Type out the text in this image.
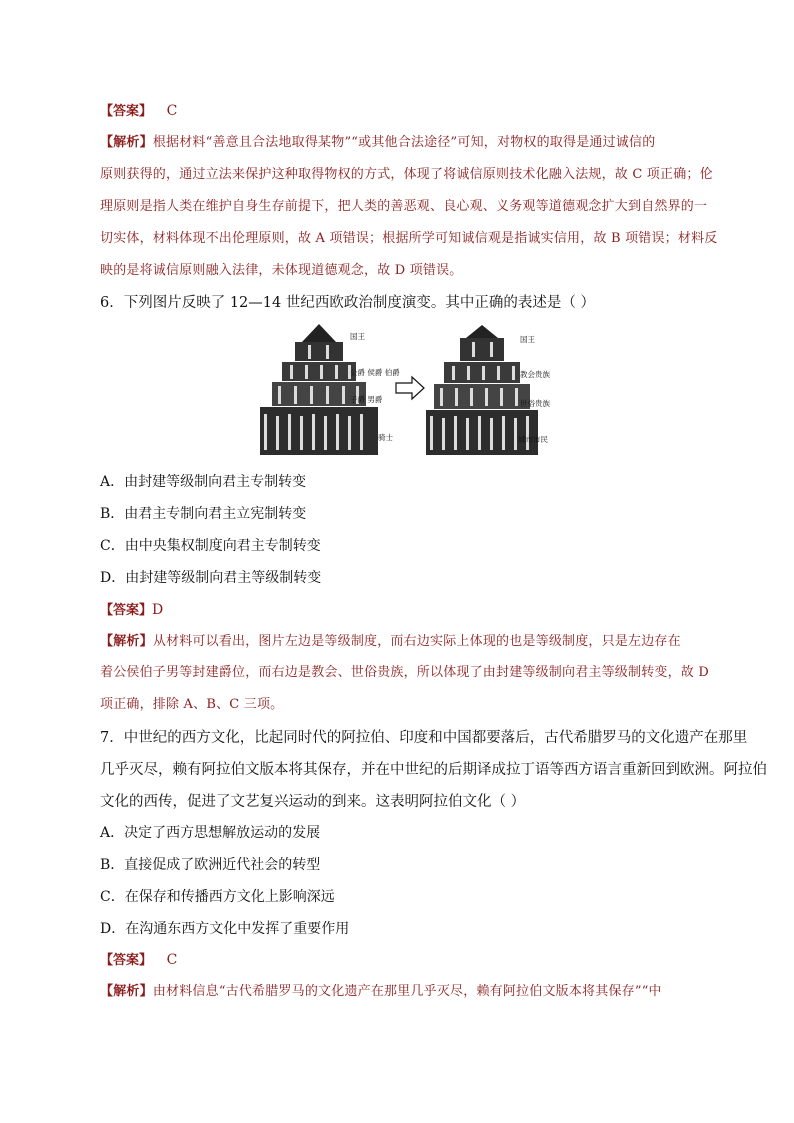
【答案】 C
【解析】根据材料“善意且合法地取得某物”“或其他合法途径”可知，对物权的取得是通过诚信的
原则获得的，通过立法来保护这种取得物权的方式，体现了将诚信原则技术化融入法规，故 C 项正确；伦
理原则是指人类在维护自身生存前提下，把人类的善恶观、良心观、义务观等道德观念扩大到自然界的一
切实体，材料体现不出伦理原则，故 A 项错误；根据所学可知诚信观是指诚实信用，故 B 项错误；材料反
映的是将诚信原则融入法律，未体现道德观念，故 D 项错误。
6．下列图片反映了 12—14 世纪西欧政治制度演变。其中正确的表述是（ ）
国王
公爵 侯爵 伯爵
子爵 男爵
骑士
国王
教会贵族
世俗贵族
城市市民
A．由封建等级制向君主专制转变
B．由君主专制向君主立宪制转变
C．由中央集权制度向君主专制转变
D．由封建等级制向君主等级制转变
【答案】D
【解析】从材料可以看出，图片左边是等级制度，而右边实际上体现的也是等级制度，只是左边存在
着公侯伯子男等封建爵位，而右边是教会、世俗贵族，所以体现了由封建等级制向君主等级制转变，故 D
项正确，排除 A、B、C 三项。
7．中世纪的西方文化，比起同时代的阿拉伯、印度和中国都要落后，古代希腊罗马的文化遗产在那里
几乎灭尽，赖有阿拉伯文版本将其保存，并在中世纪的后期译成拉丁语等西方语言重新回到欧洲。阿拉伯
文化的西传，促进了文艺复兴运动的到来。这表明阿拉伯文化（ ）
A．决定了西方思想解放运动的发展
B．直接促成了欧洲近代社会的转型
C．在保存和传播西方文化上影响深远
D．在沟通东西方文化中发挥了重要作用
【答案】 C
【解析】由材料信息“古代希腊罗马的文化遗产在那里几乎灭尽，赖有阿拉伯文版本将其保存”“中
